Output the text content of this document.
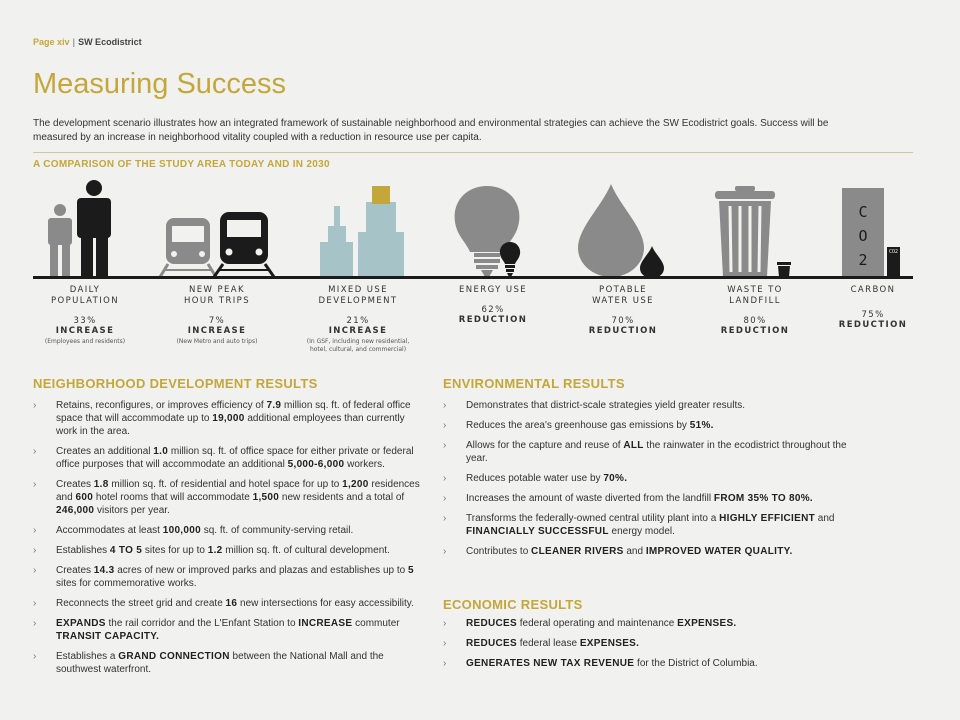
Page xiv | SW Ecodistrict
Measuring Success
The development scenario illustrates how an integrated framework of sustainable neighborhood and environmental strategies can achieve the SW Ecodistrict goals. Success will be measured by an increase in neighborhood vitality coupled with a reduction in resource use per capita.
A COMPARISON OF THE STUDY AREA TODAY AND IN 2030
C
O
2	CO2
DAILY
POPULATION
33%
INCREASE
(Employees and residents)
NEW PEAK
HOUR TRIPS
7%
INCREASE
(New Metro and auto trips)
MIXED USE
DEVELOPMENT
21%
INCREASE
(In GSF, including new residential,
hotel, cultural, and commercial)
ENERGY USE
62%
REDUCTION
POTABLE
WATER USE
70%
REDUCTION
WASTE TO
LANDFILL
80%
REDUCTION
CARBON
75%
REDUCTION
NEIGHBORHOOD DEVELOPMENT RESULTS
› Retains, reconfigures, or improves efficiency of 7.9 million sq. ft. of federal office space that will accommodate up to 19,000 additional employees than currently work in the area.
› Creates an additional 1.0 million sq. ft. of office space for either private or federal office purposes that will accommodate an additional 5,000-6,000 workers.
› Creates 1.8 million sq. ft. of residential and hotel space for up to 1,200 residences and 600 hotel rooms that will accommodate 1,500 new residents and a total of 246,000 visitors per year.
› Accommodates at least 100,000 sq. ft. of community-serving retail.
› Establishes 4 TO 5 sites for up to 1.2 million sq. ft. of cultural development.
› Creates 14.3 acres of new or improved parks and plazas and establishes up to 5 sites for commemorative works.
› Reconnects the street grid and create 16 new intersections for easy accessibility.
› EXPANDS the rail corridor and the L'Enfant Station to INCREASE commuter TRANSIT CAPACITY.
› Establishes a GRAND CONNECTION between the National Mall and the southwest waterfront.
ENVIRONMENTAL RESULTS
› Demonstrates that district-scale strategies yield greater results.
› Reduces the area's greenhouse gas emissions by 51%.
› Allows for the capture and reuse of ALL the rainwater in the ecodistrict throughout the year.
› Reduces potable water use by 70%.
› Increases the amount of waste diverted from the landfill FROM 35% TO 80%.
› Transforms the federally-owned central utility plant into a HIGHLY EFFICIENT and FINANCIALLY SUCCESSFUL energy model.
› Contributes to CLEANER RIVERS and IMPROVED WATER QUALITY.
ECONOMIC RESULTS
› REDUCES federal operating and maintenance EXPENSES.
› REDUCES federal lease EXPENSES.
› GENERATES NEW TAX REVENUE for the District of Columbia.
